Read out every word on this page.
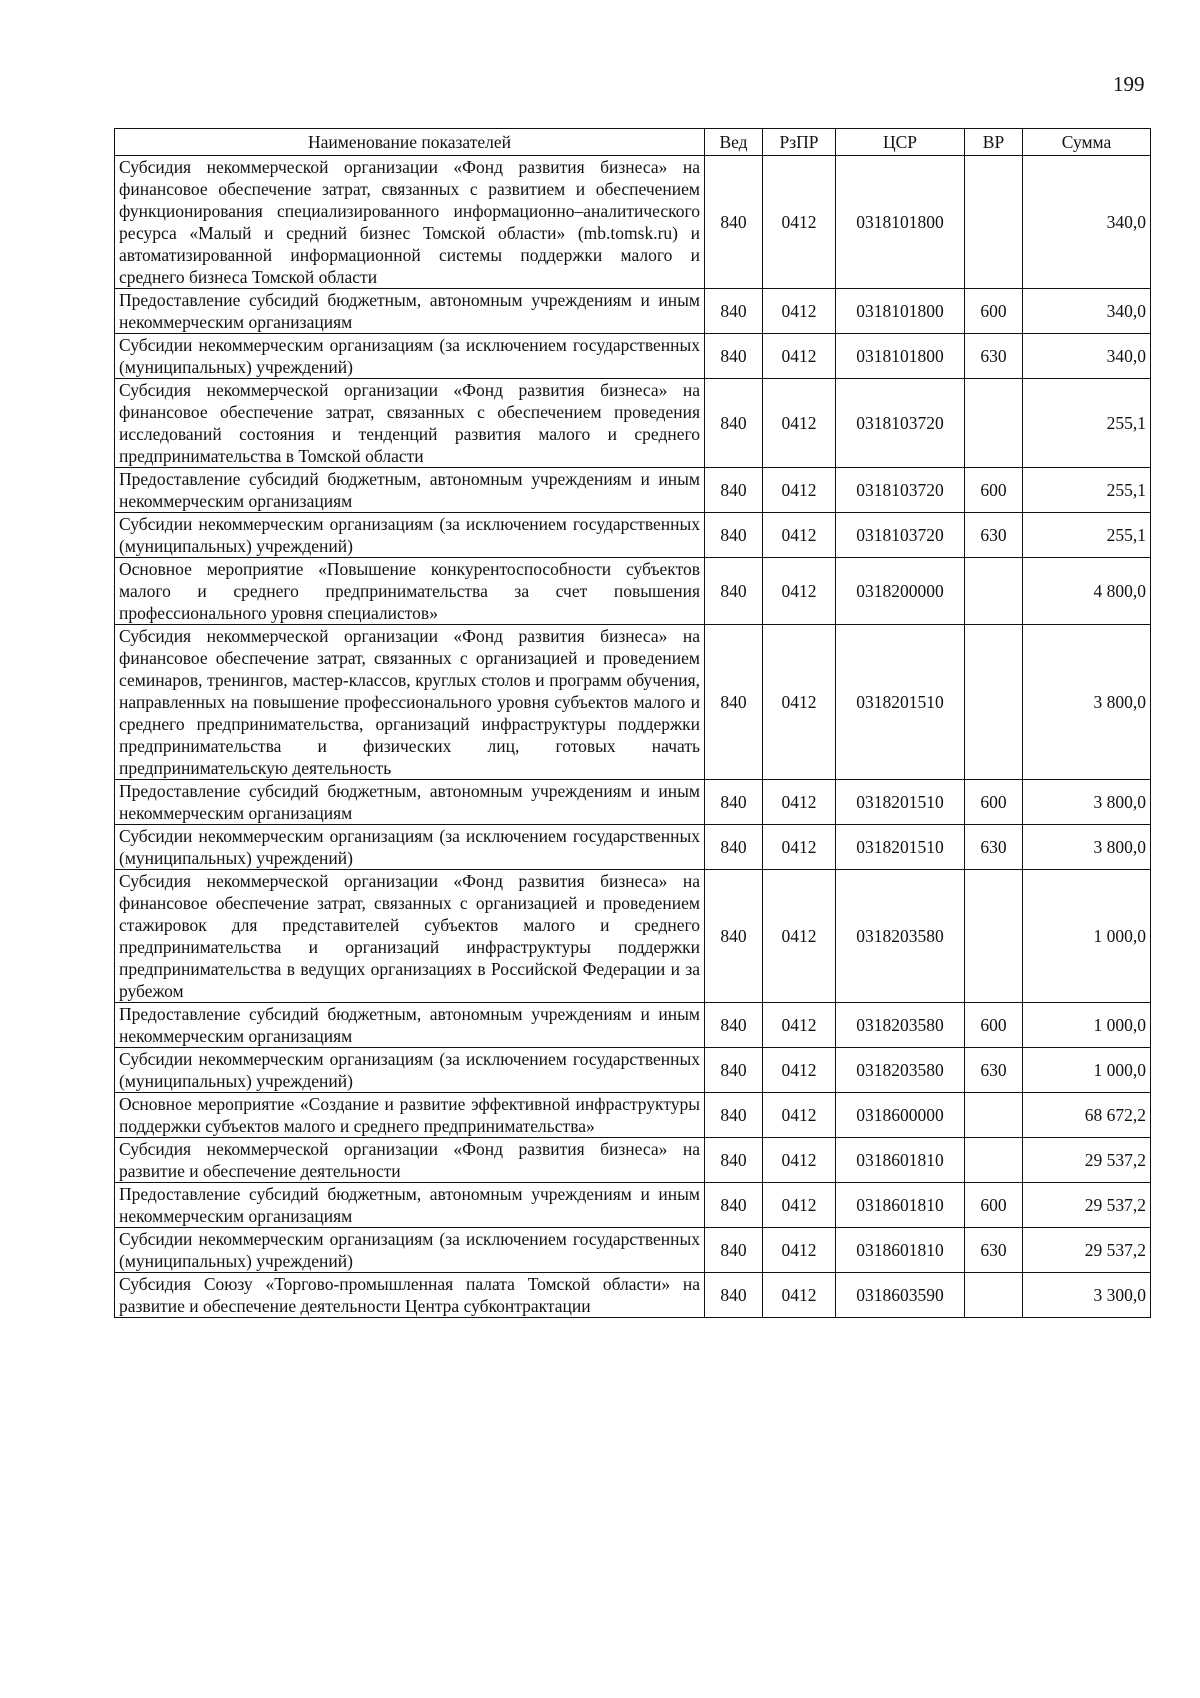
199
Наименование показателей	Вед	РзПР	ЦСР	ВР	Сумма
Субсидия некоммерческой организации «Фонд развития бизнеса» на финансовое обеспечение затрат, связанных с развитием и обеспечением функционирования специализированного информационно–аналитического ресурса «Малый и средний бизнес Томской области» (mb.tomsk.ru) и автоматизированной информационной системы поддержки малого и среднего бизнеса Томской области	840	0412	0318101800		340,0
Предоставление субсидий бюджетным, автономным учреждениям и иным некоммерческим организациям	840	0412	0318101800	600	340,0
Субсидии некоммерческим организациям (за исключением государственных (муниципальных) учреждений)	840	0412	0318101800	630	340,0
Субсидия некоммерческой организации «Фонд развития бизнеса» на финансовое обеспечение затрат, связанных с обеспечением проведения исследований состояния и тенденций развития малого и среднего предпринимательства в Томской области	840	0412	0318103720		255,1
Предоставление субсидий бюджетным, автономным учреждениям и иным некоммерческим организациям	840	0412	0318103720	600	255,1
Субсидии некоммерческим организациям (за исключением государственных (муниципальных) учреждений)	840	0412	0318103720	630	255,1
Основное мероприятие «Повышение конкурентоспособности субъектов малого и среднего предпринимательства за счет повышения профессионального уровня специалистов»	840	0412	0318200000		4 800,0
Субсидия некоммерческой организации «Фонд развития бизнеса» на финансовое обеспечение затрат, связанных с организацией и проведением семинаров, тренингов, мастер-классов, круглых столов и программ обучения, направленных на повышение профессионального уровня субъектов малого и среднего предпринимательства, организаций инфраструктуры поддержки предпринимательства и физических лиц, готовых начать предпринимательскую деятельность	840	0412	0318201510		3 800,0
Предоставление субсидий бюджетным, автономным учреждениям и иным некоммерческим организациям	840	0412	0318201510	600	3 800,0
Субсидии некоммерческим организациям (за исключением государственных (муниципальных) учреждений)	840	0412	0318201510	630	3 800,0
Субсидия некоммерческой организации «Фонд развития бизнеса» на финансовое обеспечение затрат, связанных с организацией и проведением стажировок для представителей субъектов малого и среднего предпринимательства и организаций инфраструктуры поддержки предпринимательства в ведущих организациях в Российской Федерации и за рубежом	840	0412	0318203580		1 000,0
Предоставление субсидий бюджетным, автономным учреждениям и иным некоммерческим организациям	840	0412	0318203580	600	1 000,0
Субсидии некоммерческим организациям (за исключением государственных (муниципальных) учреждений)	840	0412	0318203580	630	1 000,0
Основное мероприятие «Создание и развитие эффективной инфраструктуры поддержки субъектов малого и среднего предпринимательства»	840	0412	0318600000		68 672,2
Субсидия некоммерческой организации «Фонд развития бизнеса» на развитие и обеспечение деятельности	840	0412	0318601810		29 537,2
Предоставление субсидий бюджетным, автономным учреждениям и иным некоммерческим организациям	840	0412	0318601810	600	29 537,2
Субсидии некоммерческим организациям (за исключением государственных (муниципальных) учреждений)	840	0412	0318601810	630	29 537,2
Субсидия Союзу «Торгово-промышленная палата Томской области» на развитие и обеспечение деятельности Центра субконтрактации	840	0412	0318603590		3 300,0
